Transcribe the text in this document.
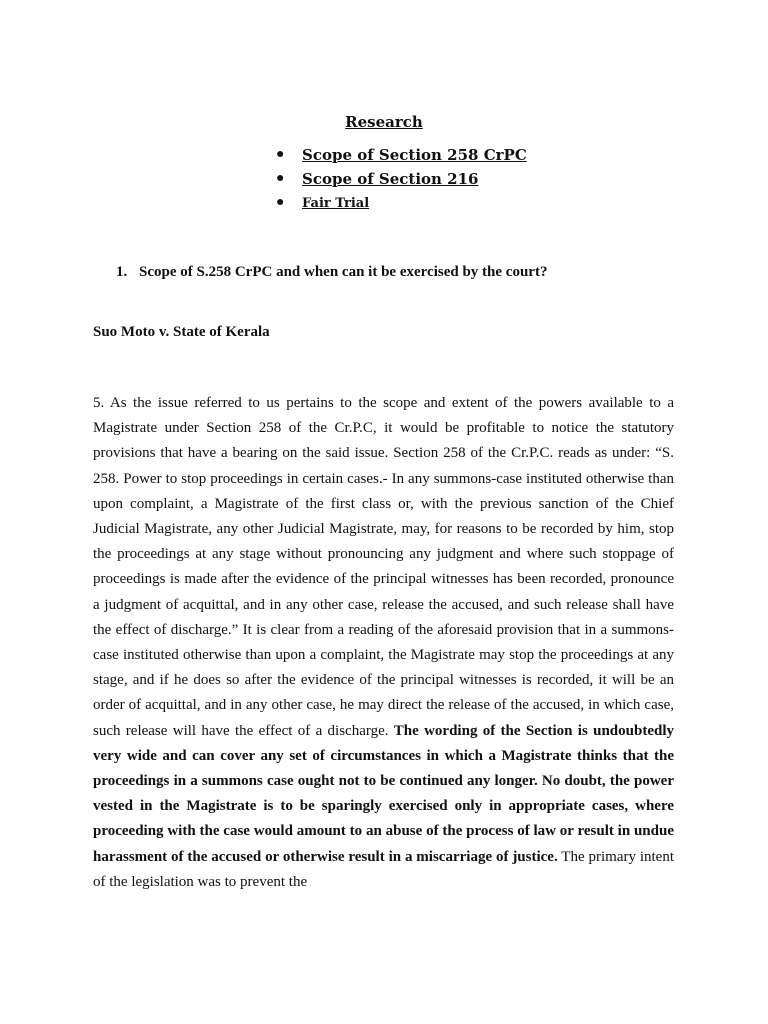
Research
● Scope of Section 258 CrPC
● Scope of Section 216
● Fair Trial
1. Scope of S.258 CrPC and when can it be exercised by the court?
Suo Moto v. State of Kerala

5. As the issue referred to us pertains to the scope and extent of the powers available to a Magistrate under Section 258 of the Cr.P.C, it would be profitable to notice the statutory provisions that have a bearing on the said issue. Section 258 of the Cr.P.C. reads as under: “S. 258. Power to stop proceedings in certain cases.- In any summons-case instituted otherwise than upon complaint, a Magistrate of the first class or, with the previous sanction of the Chief Judicial Magistrate, any other Judicial Magistrate, may, for reasons to be recorded by him, stop the proceedings at any stage without pronouncing any judgment and where such stoppage of proceedings is made after the evidence of the principal witnesses has been recorded, pronounce a judgment of acquittal, and in any other case, release the accused, and such release shall have the effect of discharge.” It is clear from a reading of the aforesaid provision that in a summons-case instituted otherwise than upon a complaint, the Magistrate may stop the proceedings at any stage, and if he does so after the evidence of the principal witnesses is recorded, it will be an order of acquittal, and in any other case, he may direct the release of the accused, in which case, such release will have the effect of a discharge. The wording of the Section is undoubtedly very wide and can cover any set of circumstances in which a Magistrate thinks that the proceedings in a summons case ought not to be continued any longer. No doubt, the power vested in the Magistrate is to be sparingly exercised only in appropriate cases, where proceeding with the case would amount to an abuse of the process of law or result in undue harassment of the accused or otherwise result in a miscarriage of justice. The primary intent of the legislation was to prevent the
